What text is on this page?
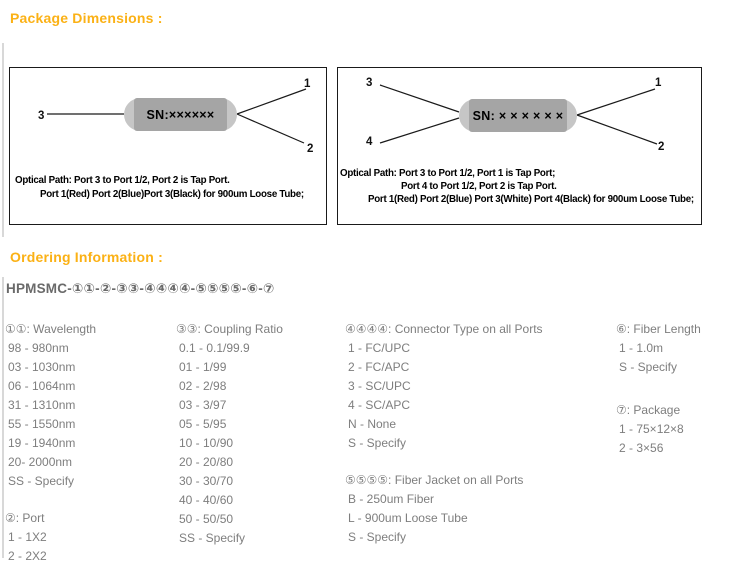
Package Dimensions :
3
1
2
SN:××××××
Optical Path: Port 3 to Port 1/2, Port 2 is Tap Port.
Port 1(Red) Port 2(Blue)Port 3(Black) for 900um Loose Tube;
3
4
1
2
SN: × × × × × ×
Optical Path: Port 3 to Port 1/2, Port 1 is Tap Port;
Port 4 to Port 1/2, Port 2 is Tap Port.
Port 1(Red) Port 2(Blue) Port 3(White) Port 4(Black) for 900um Loose Tube;
Ordering Information :
HPMSMC-①①-②-③③-④④④④-⑤⑤⑤⑤-⑥-⑦
①①: Wavelength
98 - 980nm
03 - 1030nm
06 - 1064nm
31 - 1310nm
55 - 1550nm
19 - 1940nm
20- 2000nm
SS - Specify
②: Port
1 - 1X2
2 - 2X2
③③: Coupling Ratio
0.1 - 0.1/99.9
01 - 1/99
02 - 2/98
03 - 3/97
05 - 5/95
10 - 10/90
20 - 20/80
30 - 30/70
40 - 40/60
50 - 50/50
SS - Specify
④④④④: Connector Type on all Ports
1 - FC/UPC
2 - FC/APC
3 - SC/UPC
4 - SC/APC
N - None
S - Specify
⑤⑤⑤⑤: Fiber Jacket on all Ports
B - 250um Fiber
L - 900um Loose Tube
S - Specify
⑥: Fiber Length
1 - 1.0m
S - Specify
⑦: Package
1 - 75×12×8
2 - 3×56
